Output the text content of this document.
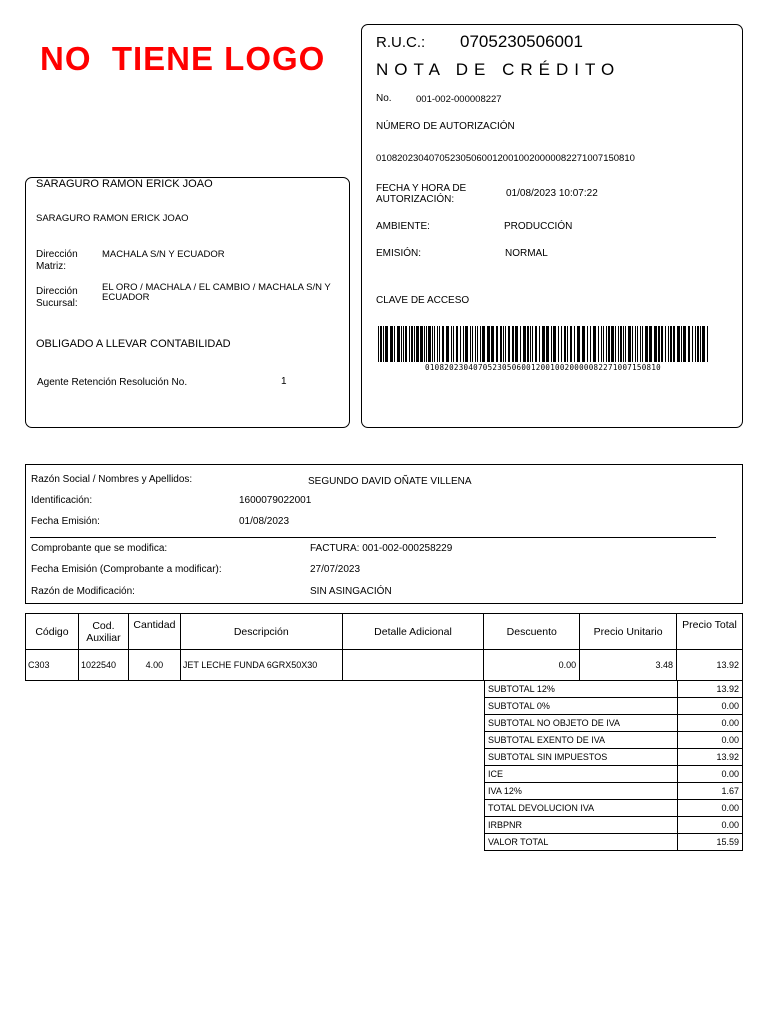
NO  TIENE LOGO
SARAGURO RAMON ERICK JOAO
SARAGURO RAMON ERICK JOAO
Dirección Matriz:
MACHALA S/N Y ECUADOR
Dirección Sucursal:
EL ORO / MACHALA / EL CAMBIO / MACHALA S/N Y ECUADOR
OBLIGADO A LLEVAR CONTABILIDAD
Agente Retención Resolución No.	1
R.U.C.: 0705230506001
NOTA DE CRÉDITO
No.	001-002-000008227
NÚMERO DE AUTORIZACIÓN
0108202304070523050600120010020000082271007150810
FECHA Y HORA DE AUTORIZACIÓN:
01/08/2023 10:07:22
AMBIENTE:	PRODUCCIÓN
EMISIÓN:	NORMAL
CLAVE DE ACCESO
0108202304070523050600120010020000082271007150810
Razón Social / Nombres y Apellidos:	SEGUNDO DAVID OÑATE VILLENA
Identificación:	1600079022001
Fecha Emisión:	01/08/2023
Comprobante que se modifica:	FACTURA: 001-002-000258229
Fecha Emisión (Comprobante a modificar):	27/07/2023
Razón de Modificación:	SIN ASINGACIÓN
Código	Cod. Auxiliar	Cantidad	Descripción	Detalle Adicional	Descuento	Precio Unitario	Precio Total
C303	1022540	4.00	JET LECHE FUNDA 6GRX50X30		0.00	3.48	13.92
SUBTOTAL 12%	13.92
SUBTOTAL 0%	0.00
SUBTOTAL NO OBJETO DE IVA	0.00
SUBTOTAL EXENTO DE IVA	0.00
SUBTOTAL SIN IMPUESTOS	13.92
ICE	0.00
IVA 12%	1.67
TOTAL DEVOLUCION IVA	0.00
IRBPNR	0.00
VALOR TOTAL	15.59
